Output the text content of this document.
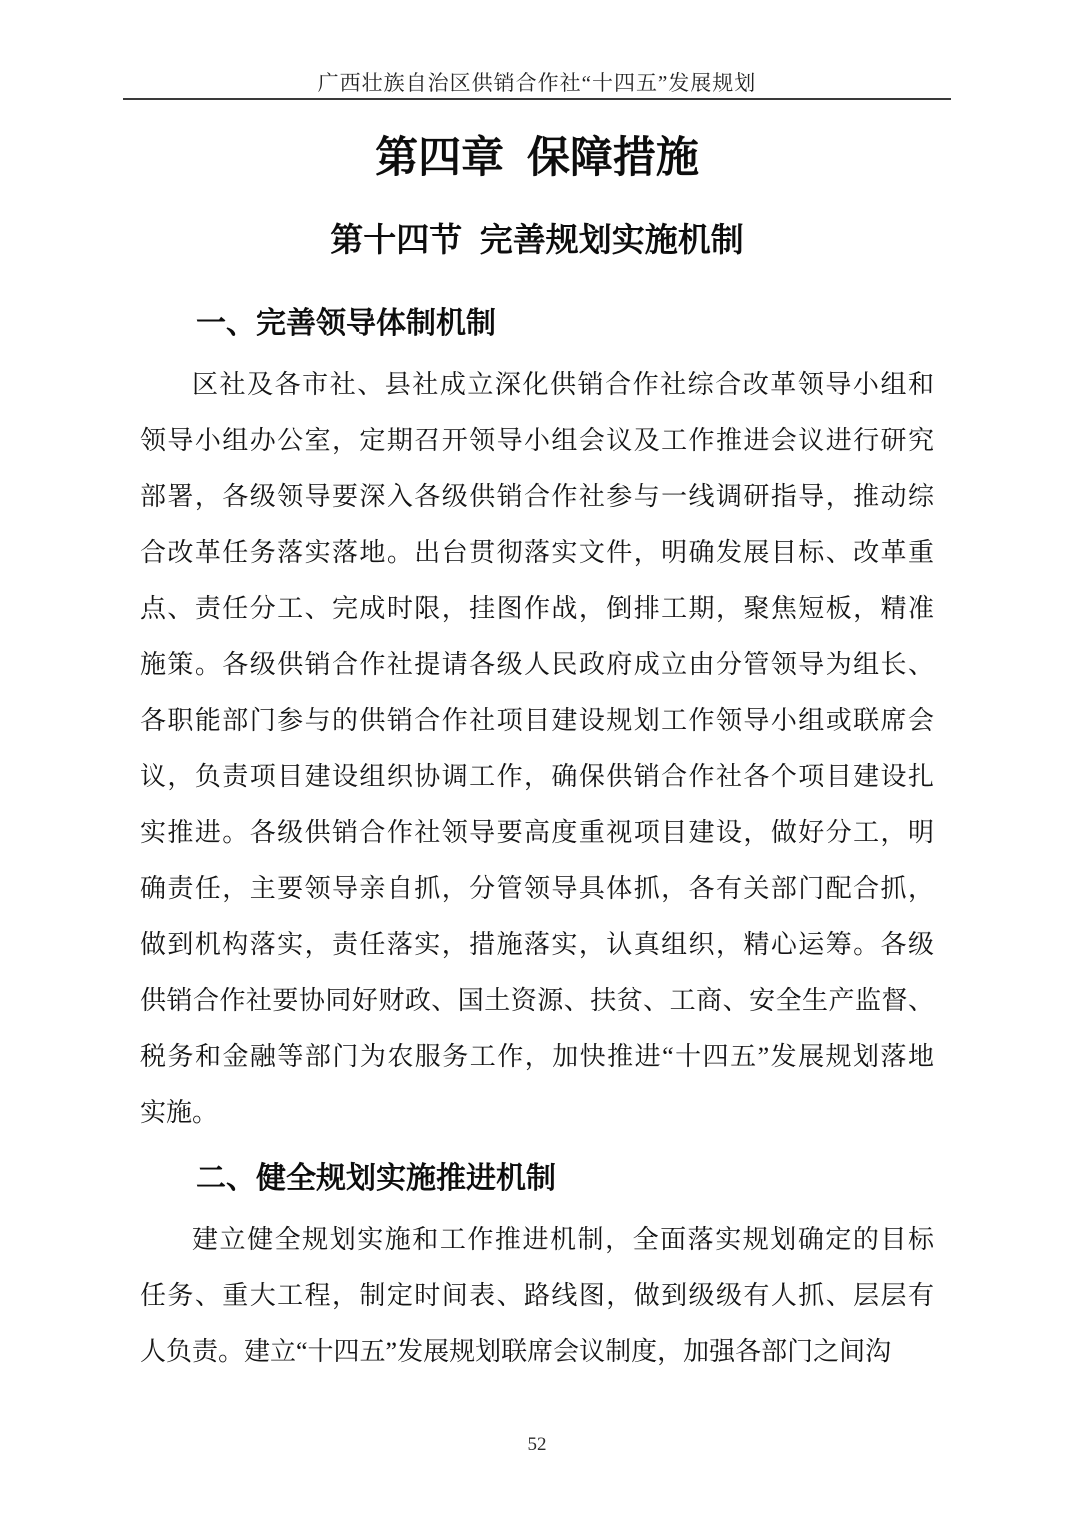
广西壮族自治区供销合作社“十四五”发展规划
第四章 保障措施
第十四节 完善规划实施机制
一、完善领导体制机制
区社及各市社、县社成立深化供销合作社综合改革领导小组和
领导小组办公室，定期召开领导小组会议及工作推进会议进行研究
部署，各级领导要深入各级供销合作社参与一线调研指导，推动综
合改革任务落实落地。出台贯彻落实文件，明确发展目标、改革重
点、责任分工、完成时限，挂图作战，倒排工期，聚焦短板，精准
施策。各级供销合作社提请各级人民政府成立由分管领导为组长、
各职能部门参与的供销合作社项目建设规划工作领导小组或联席会
议，负责项目建设组织协调工作，确保供销合作社各个项目建设扎
实推进。各级供销合作社领导要高度重视项目建设，做好分工，明
确责任，主要领导亲自抓，分管领导具体抓，各有关部门配合抓，
做到机构落实，责任落实，措施落实，认真组织，精心运筹。各级
供销合作社要协同好财政、国土资源、扶贫、工商、安全生产监督、
税务和金融等部门为农服务工作，加快推进“十四五”发展规划落地
实施。
二、健全规划实施推进机制
建立健全规划实施和工作推进机制，全面落实规划确定的目标
任务、重大工程，制定时间表、路线图，做到级级有人抓、层层有
人负责。建立“十四五”发展规划联席会议制度，加强各部门之间沟
52
